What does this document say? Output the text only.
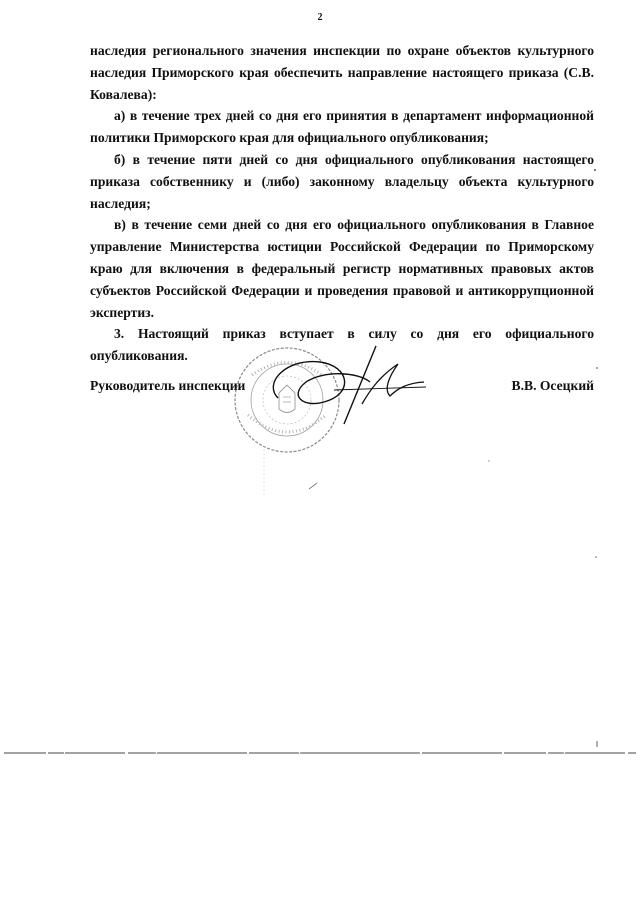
2

наследия регионального значения инспекции по охране объектов культурного наследия Приморского края обеспечить направление настоящего приказа (С.В. Ковалева):

а) в течение трех дней со дня его принятия в департамент информационной политики Приморского края для официального опубликования;

б) в течение пяти дней со дня официального опубликования настоящего приказа собственнику и (либо) законному владельцу объекта культурного наследия;

в) в течение семи дней со дня его официального опубликования в Главное управление Министерства юстиции Российской Федерации по Приморскому краю для включения в федеральный регистр нормативных правовых актов субъектов Российской Федерации и проведения правовой и антикоррупционной экспертиз.

3. Настоящий приказ вступает в силу со дня его официального опубликования.

Руководитель инспекции	В.В. Осецкий
